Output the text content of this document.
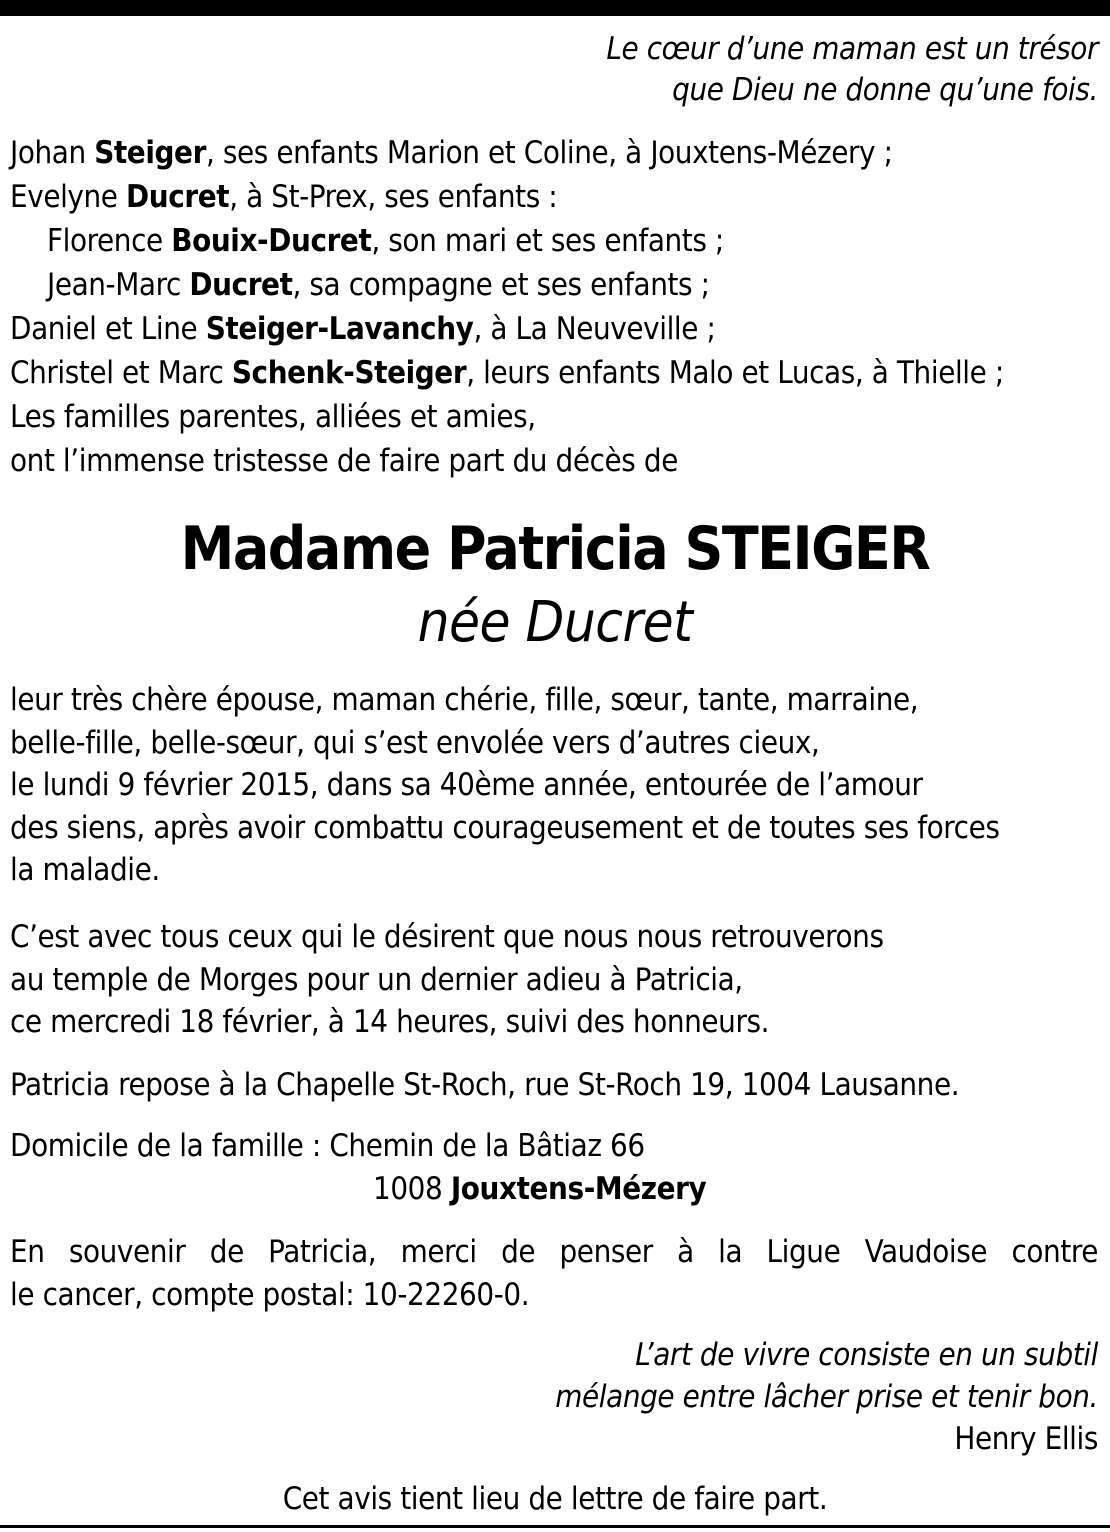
Le cœur d’une maman est un trésor
que Dieu ne donne qu’une fois.
Johan Steiger, ses enfants Marion et Coline, à Jouxtens-Mézery ;
Evelyne Ducret, à St-Prex, ses enfants :
Florence Bouix-Ducret, son mari et ses enfants ;
Jean-Marc Ducret, sa compagne et ses enfants ;
Daniel et Line Steiger-Lavanchy, à La Neuveville ;
Christel et Marc Schenk-Steiger, leurs enfants Malo et Lucas, à Thielle ;
Les familles parentes, alliées et amies,
ont l’immense tristesse de faire part du décès de
Madame Patricia STEIGER
née Ducret
leur très chère épouse, maman chérie, fille, sœur, tante, marraine,
belle-fille, belle-sœur, qui s’est envolée vers d’autres cieux,
le lundi 9 février 2015, dans sa 40ème année, entourée de l’amour
des siens, après avoir combattu courageusement et de toutes ses forces
la maladie.
C’est avec tous ceux qui le désirent que nous nous retrouverons
au temple de Morges pour un dernier adieu à Patricia,
ce mercredi 18 février, à 14 heures, suivi des honneurs.
Patricia repose à la Chapelle St-Roch, rue St-Roch 19, 1004 Lausanne.
Domicile de la famille : Chemin de la Bâtiaz 66
1008 Jouxtens-Mézery
En souvenir de Patricia, merci de penser à la Ligue Vaudoise contre
le cancer, compte postal: 10-22260-0.
L’art de vivre consiste en un subtil
mélange entre lâcher prise et tenir bon.
Henry Ellis
Cet avis tient lieu de lettre de faire part.
